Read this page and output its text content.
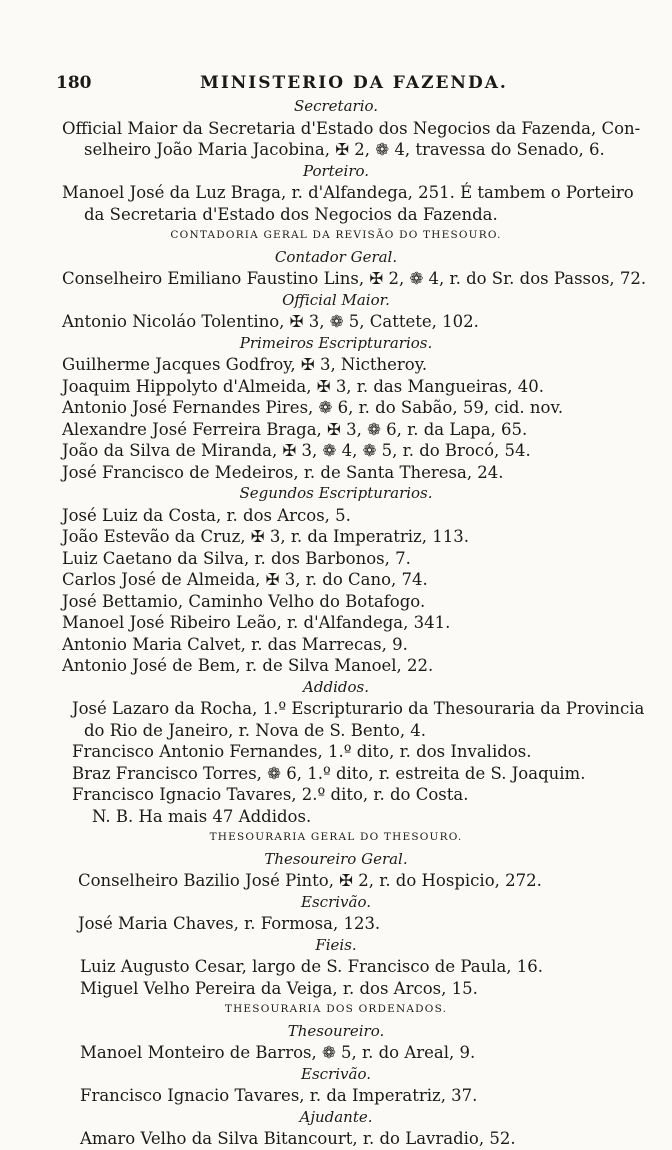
180	MINISTERIO DA FAZENDA.
Secretario.
Official Maior da Secretaria d'Estado dos Negocios da Fazenda, Con-
selheiro João Maria Jacobina, ✠ 2, ❁ 4, travessa do Senado, 6.
Porteiro.
Manoel José da Luz Braga, r. d'Alfandega, 251. É tambem o Porteiro
da Secretaria d'Estado dos Negocios da Fazenda.
CONTADORIA GERAL DA REVISÃO DO THESOURO.
Contador Geral.
Conselheiro Emiliano Faustino Lins, ✠ 2, ❁ 4, r. do Sr. dos Passos, 72.
Official Maior.
Antonio Nicoláo Tolentino, ✠ 3, ❁ 5, Cattete, 102.
Primeiros Escripturarios.
Guilherme Jacques Godfroy, ✠ 3, Nictheroy.
Joaquim Hippolyto d'Almeida, ✠ 3, r. das Mangueiras, 40.
Antonio José Fernandes Pires, ❁ 6, r. do Sabão, 59, cid. nov.
Alexandre José Ferreira Braga, ✠ 3, ❁ 6, r. da Lapa, 65.
João da Silva de Miranda, ✠ 3, ❁ 4, ❁ 5, r. do Brocó, 54.
José Francisco de Medeiros, r. de Santa Theresa, 24.
Segundos Escripturarios.
José Luiz da Costa, r. dos Arcos, 5.
João Estevão da Cruz, ✠ 3, r. da Imperatriz, 113.
Luiz Caetano da Silva, r. dos Barbonos, 7.
Carlos José de Almeida, ✠ 3, r. do Cano, 74.
José Bettamio, Caminho Velho do Botafogo.
Manoel José Ribeiro Leão, r. d'Alfandega, 341.
Antonio Maria Calvet, r. das Marrecas, 9.
Antonio José de Bem, r. de Silva Manoel, 22.
Addidos.
José Lazaro da Rocha, 1.º Escripturario da Thesouraria da Provincia
do Rio de Janeiro, r. Nova de S. Bento, 4.
Francisco Antonio Fernandes, 1.º dito, r. dos Invalidos.
Braz Francisco Torres, ❁ 6, 1.º dito, r. estreita de S. Joaquim.
Francisco Ignacio Tavares, 2.º dito, r. do Costa.
N. B. Ha mais 47 Addidos.
THESOURARIA GERAL DO THESOURO.
Thesoureiro Geral.
Conselheiro Bazilio José Pinto, ✠ 2, r. do Hospicio, 272.
Escrivão.
José Maria Chaves, r. Formosa, 123.
Fieis.
Luiz Augusto Cesar, largo de S. Francisco de Paula, 16.
Miguel Velho Pereira da Veiga, r. dos Arcos, 15.
THESOURARIA DOS ORDENADOS.
Thesoureiro.
Manoel Monteiro de Barros, ❁ 5, r. do Areal, 9.
Escrivão.
Francisco Ignacio Tavares, r. da Imperatriz, 37.
Ajudante.
Amaro Velho da Silva Bitancourt, r. do Lavradio, 52.
